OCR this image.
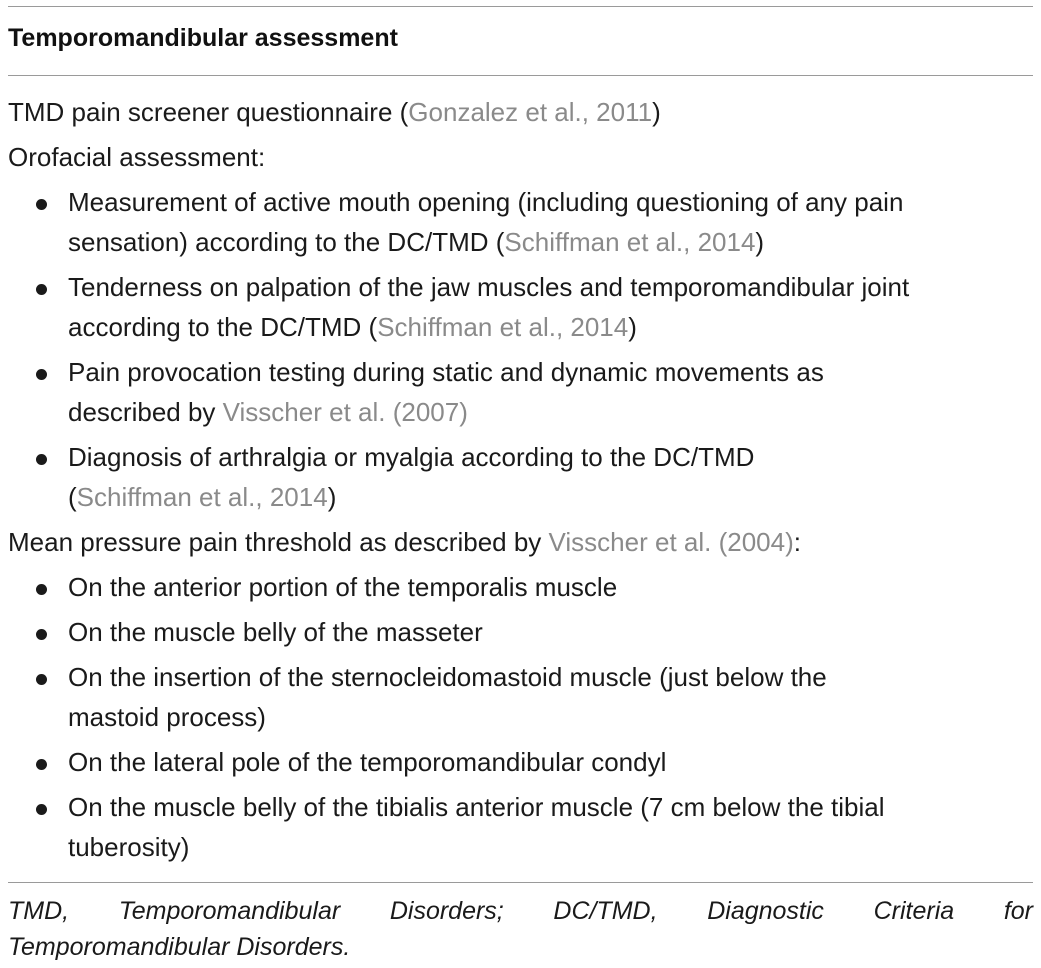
Temporomandibular assessment
TMD pain screener questionnaire (Gonzalez et al., 2011)
Orofacial assessment:
Measurement of active mouth opening (including questioning of any pain
sensation) according to the DC/TMD (Schiffman et al., 2014)
Tenderness on palpation of the jaw muscles and temporomandibular joint
according to the DC/TMD (Schiffman et al., 2014)
Pain provocation testing during static and dynamic movements as
described by Visscher et al. (2007)
Diagnosis of arthralgia or myalgia according to the DC/TMD
(Schiffman et al., 2014)
Mean pressure pain threshold as described by Visscher et al. (2004):
On the anterior portion of the temporalis muscle
On the muscle belly of the masseter
On the insertion of the sternocleidomastoid muscle (just below the
mastoid process)
On the lateral pole of the temporomandibular condyl
On the muscle belly of the tibialis anterior muscle (7 cm below the tibial
tuberosity)
TMD, Temporomandibular Disorders; DC/TMD, Diagnostic Criteria for
Temporomandibular Disorders.
